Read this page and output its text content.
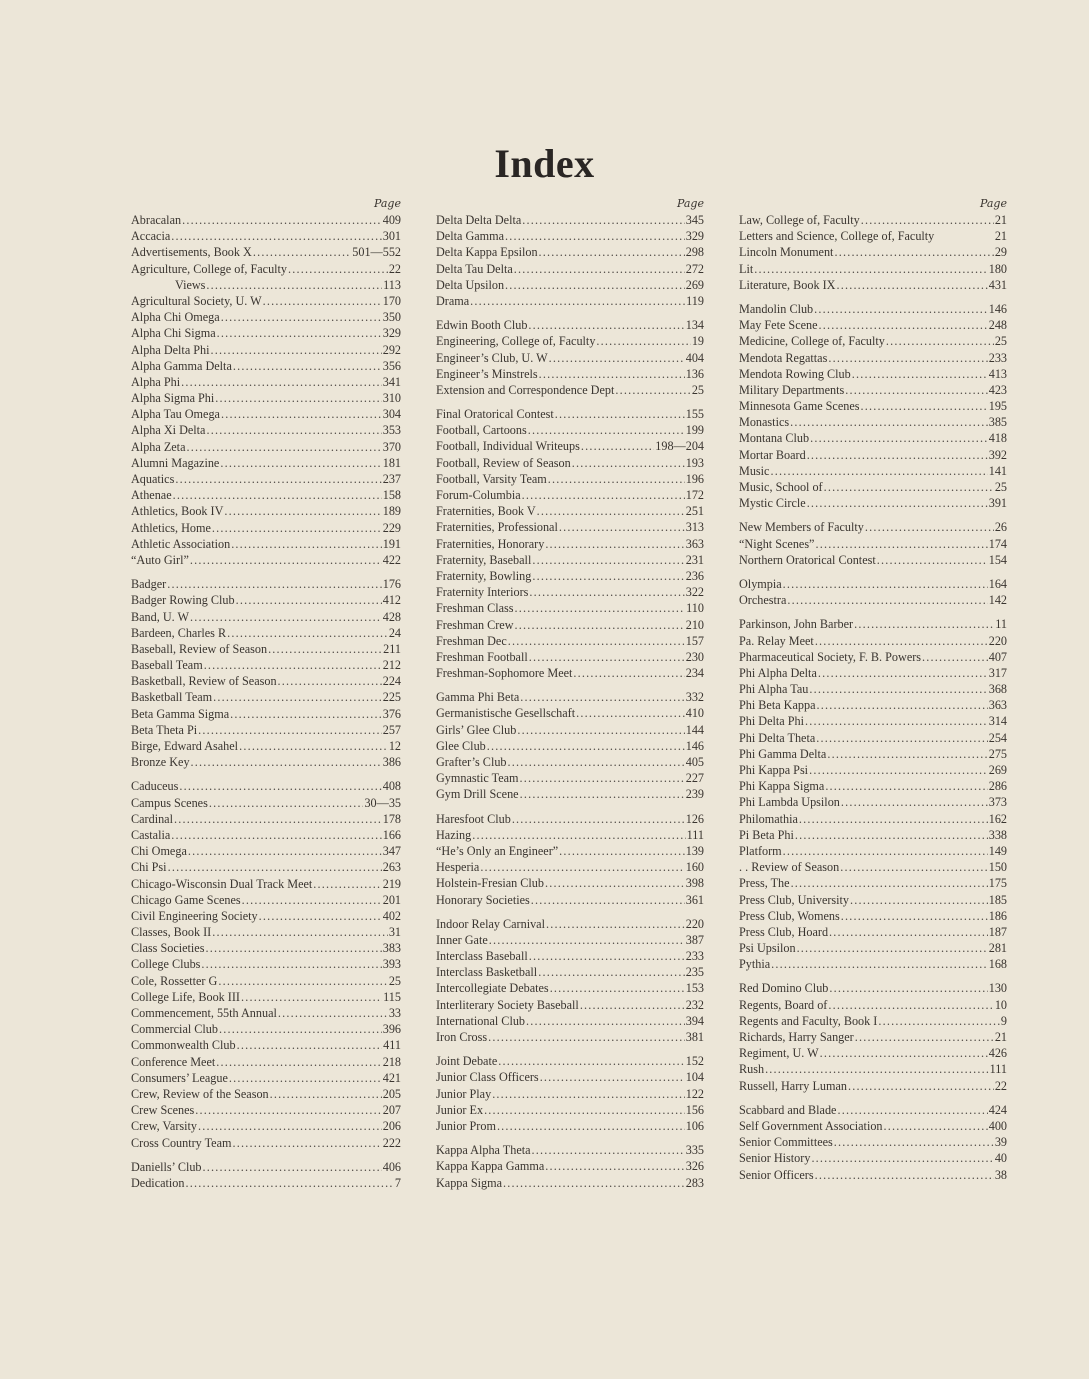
Index
Page
Abracalan .....	409
Accacia .....	301
Advertisements, Book X .....	501—552
Agriculture, College of, Faculty .....	22
Views .....	113
Agricultural Society, U. W .....	170
Alpha Chi Omega .....	350
Alpha Chi Sigma .....	329
Alpha Delta Phi .....	292
Alpha Gamma Delta .....	356
Alpha Phi .....	341
Alpha Sigma Phi .....	310
Alpha Tau Omega .....	304
Alpha Xi Delta .....	353
Alpha Zeta .....	370
Alumni Magazine .....	181
Aquatics .....	237
Athenae .....	158
Athletics, Book IV .....	189
Athletics, Home .....	229
Athletic Association .....	191
“Auto Girl” .....	422
Badger .....	176
Badger Rowing Club .....	412
Band, U. W .....	428
Bardeen, Charles R .....	24
Baseball, Review of Season .....	211
Baseball Team .....	212
Basketball, Review of Season .....	224
Basketball Team .....	225
Beta Gamma Sigma .....	376
Beta Theta Pi .....	257
Birge, Edward Asahel .....	12
Bronze Key .....	386
Caduceus .....	408
Campus Scenes .....	30—35
Cardinal .....	178
Castalia .....	166
Chi Omega .....	347
Chi Psi .....	263
Chicago-Wisconsin Dual Track Meet .....	219
Chicago Game Scenes .....	201
Civil Engineering Society .....	402
Classes, Book II .....	31
Class Societies .....	383
College Clubs .....	393
Cole, Rossetter G .....	25
College Life, Book III .....	115
Commencement, 55th Annual .....	33
Commercial Club .....	396
Commonwealth Club .....	411
Conference Meet .....	218
Consumers’ League .....	421
Crew, Review of the Season .....	205
Crew Scenes .....	207
Crew, Varsity .....	206
Cross Country Team .....	222
Daniells’ Club .....	406
Dedication .....	7
Page
Delta Delta Delta .....	345
Delta Gamma .....	329
Delta Kappa Epsilon .....	298
Delta Tau Delta .....	272
Delta Upsilon .....	269
Drama .....	119
Edwin Booth Club .....	134
Engineering, College of, Faculty .....	19
Engineer’s Club, U. W .....	404
Engineer’s Minstrels .....	136
Extension and Correspondence Dept .....	25
Final Oratorical Contest .....	155
Football, Cartoons .....	199
Football, Individual Writeups .....	198—204
Football, Review of Season .....	193
Football, Varsity Team .....	196
Forum-Columbia .....	172
Fraternities, Book V .....	251
Fraternities, Professional .....	313
Fraternities, Honorary .....	363
Fraternity, Baseball .....	231
Fraternity, Bowling .....	236
Fraternity Interiors .....	322
Freshman Class .....	110
Freshman Crew .....	210
Freshman Dec .....	157
Freshman Football .....	230
Freshman-Sophomore Meet .....	234
Gamma Phi Beta .....	332
Germanistische Gesellschaft .....	410
Girls’ Glee Club .....	144
Glee Club .....	146
Grafter’s Club .....	405
Gymnastic Team .....	227
Gym Drill Scene .....	239
Haresfoot Club .....	126
Hazing .....	111
“He’s Only an Engineer” .....	139
Hesperia .....	160
Holstein-Fresian Club .....	398
Honorary Societies .....	361
Indoor Relay Carnival .....	220
Inner Gate .....	387
Interclass Baseball .....	233
Interclass Basketball .....	235
Intercollegiate Debates .....	153
Interliterary Society Baseball .....	232
International Club .....	394
Iron Cross .....	381
Joint Debate .....	152
Junior Class Officers .....	104
Junior Play .....	122
Junior Ex .....	156
Junior Prom .....	106
Kappa Alpha Theta .....	335
Kappa Kappa Gamma .....	326
Kappa Sigma .....	283
Page
Law, College of, Faculty .....	21
Letters and Science, College of, Faculty	21
Lincoln Monument .....	29
Lit .....	180
Literature, Book IX .....	431
Mandolin Club .....	146
May Fete Scene .....	248
Medicine, College of, Faculty .....	25
Mendota Regattas .....	233
Mendota Rowing Club .....	413
Military Departments .....	423
Minnesota Game Scenes .....	195
Monastics .....	385
Montana Club .....	418
Mortar Board .....	392
Music .....	141
Music, School of .....	25
Mystic Circle .....	391
New Members of Faculty .....	26
“Night Scenes” .....	174
Northern Oratorical Contest .....	154
Olympia .....	164
Orchestra .....	142
Parkinson, John Barber .....	11
Pa. Relay Meet .....	220
Pharmaceutical Society, F. B. Powers .....	407
Phi Alpha Delta .....	317
Phi Alpha Tau .....	368
Phi Beta Kappa .....	363
Phi Delta Phi .....	314
Phi Delta Theta .....	254
Phi Gamma Delta .....	275
Phi Kappa Psi .....	269
Phi Kappa Sigma .....	286
Phi Lambda Upsilon .....	373
Philomathia .....	162
Pi Beta Phi .....	338
Platform .....	149
. . Review of Season .....	150
Press, The .....	175
Press Club, University .....	185
Press Club, Womens .....	186
Press Club, Hoard .....	187
Psi Upsilon .....	281
Pythia .....	168
Red Domino Club .....	130
Regents, Board of .....	10
Regents and Faculty, Book I .....	9
Richards, Harry Sanger .....	21
Regiment, U. W .....	426
Rush .....	111
Russell, Harry Luman .....	22
Scabbard and Blade .....	424
Self Government Association .....	400
Senior Committees .....	39
Senior History .....	40
Senior Officers .....	38
